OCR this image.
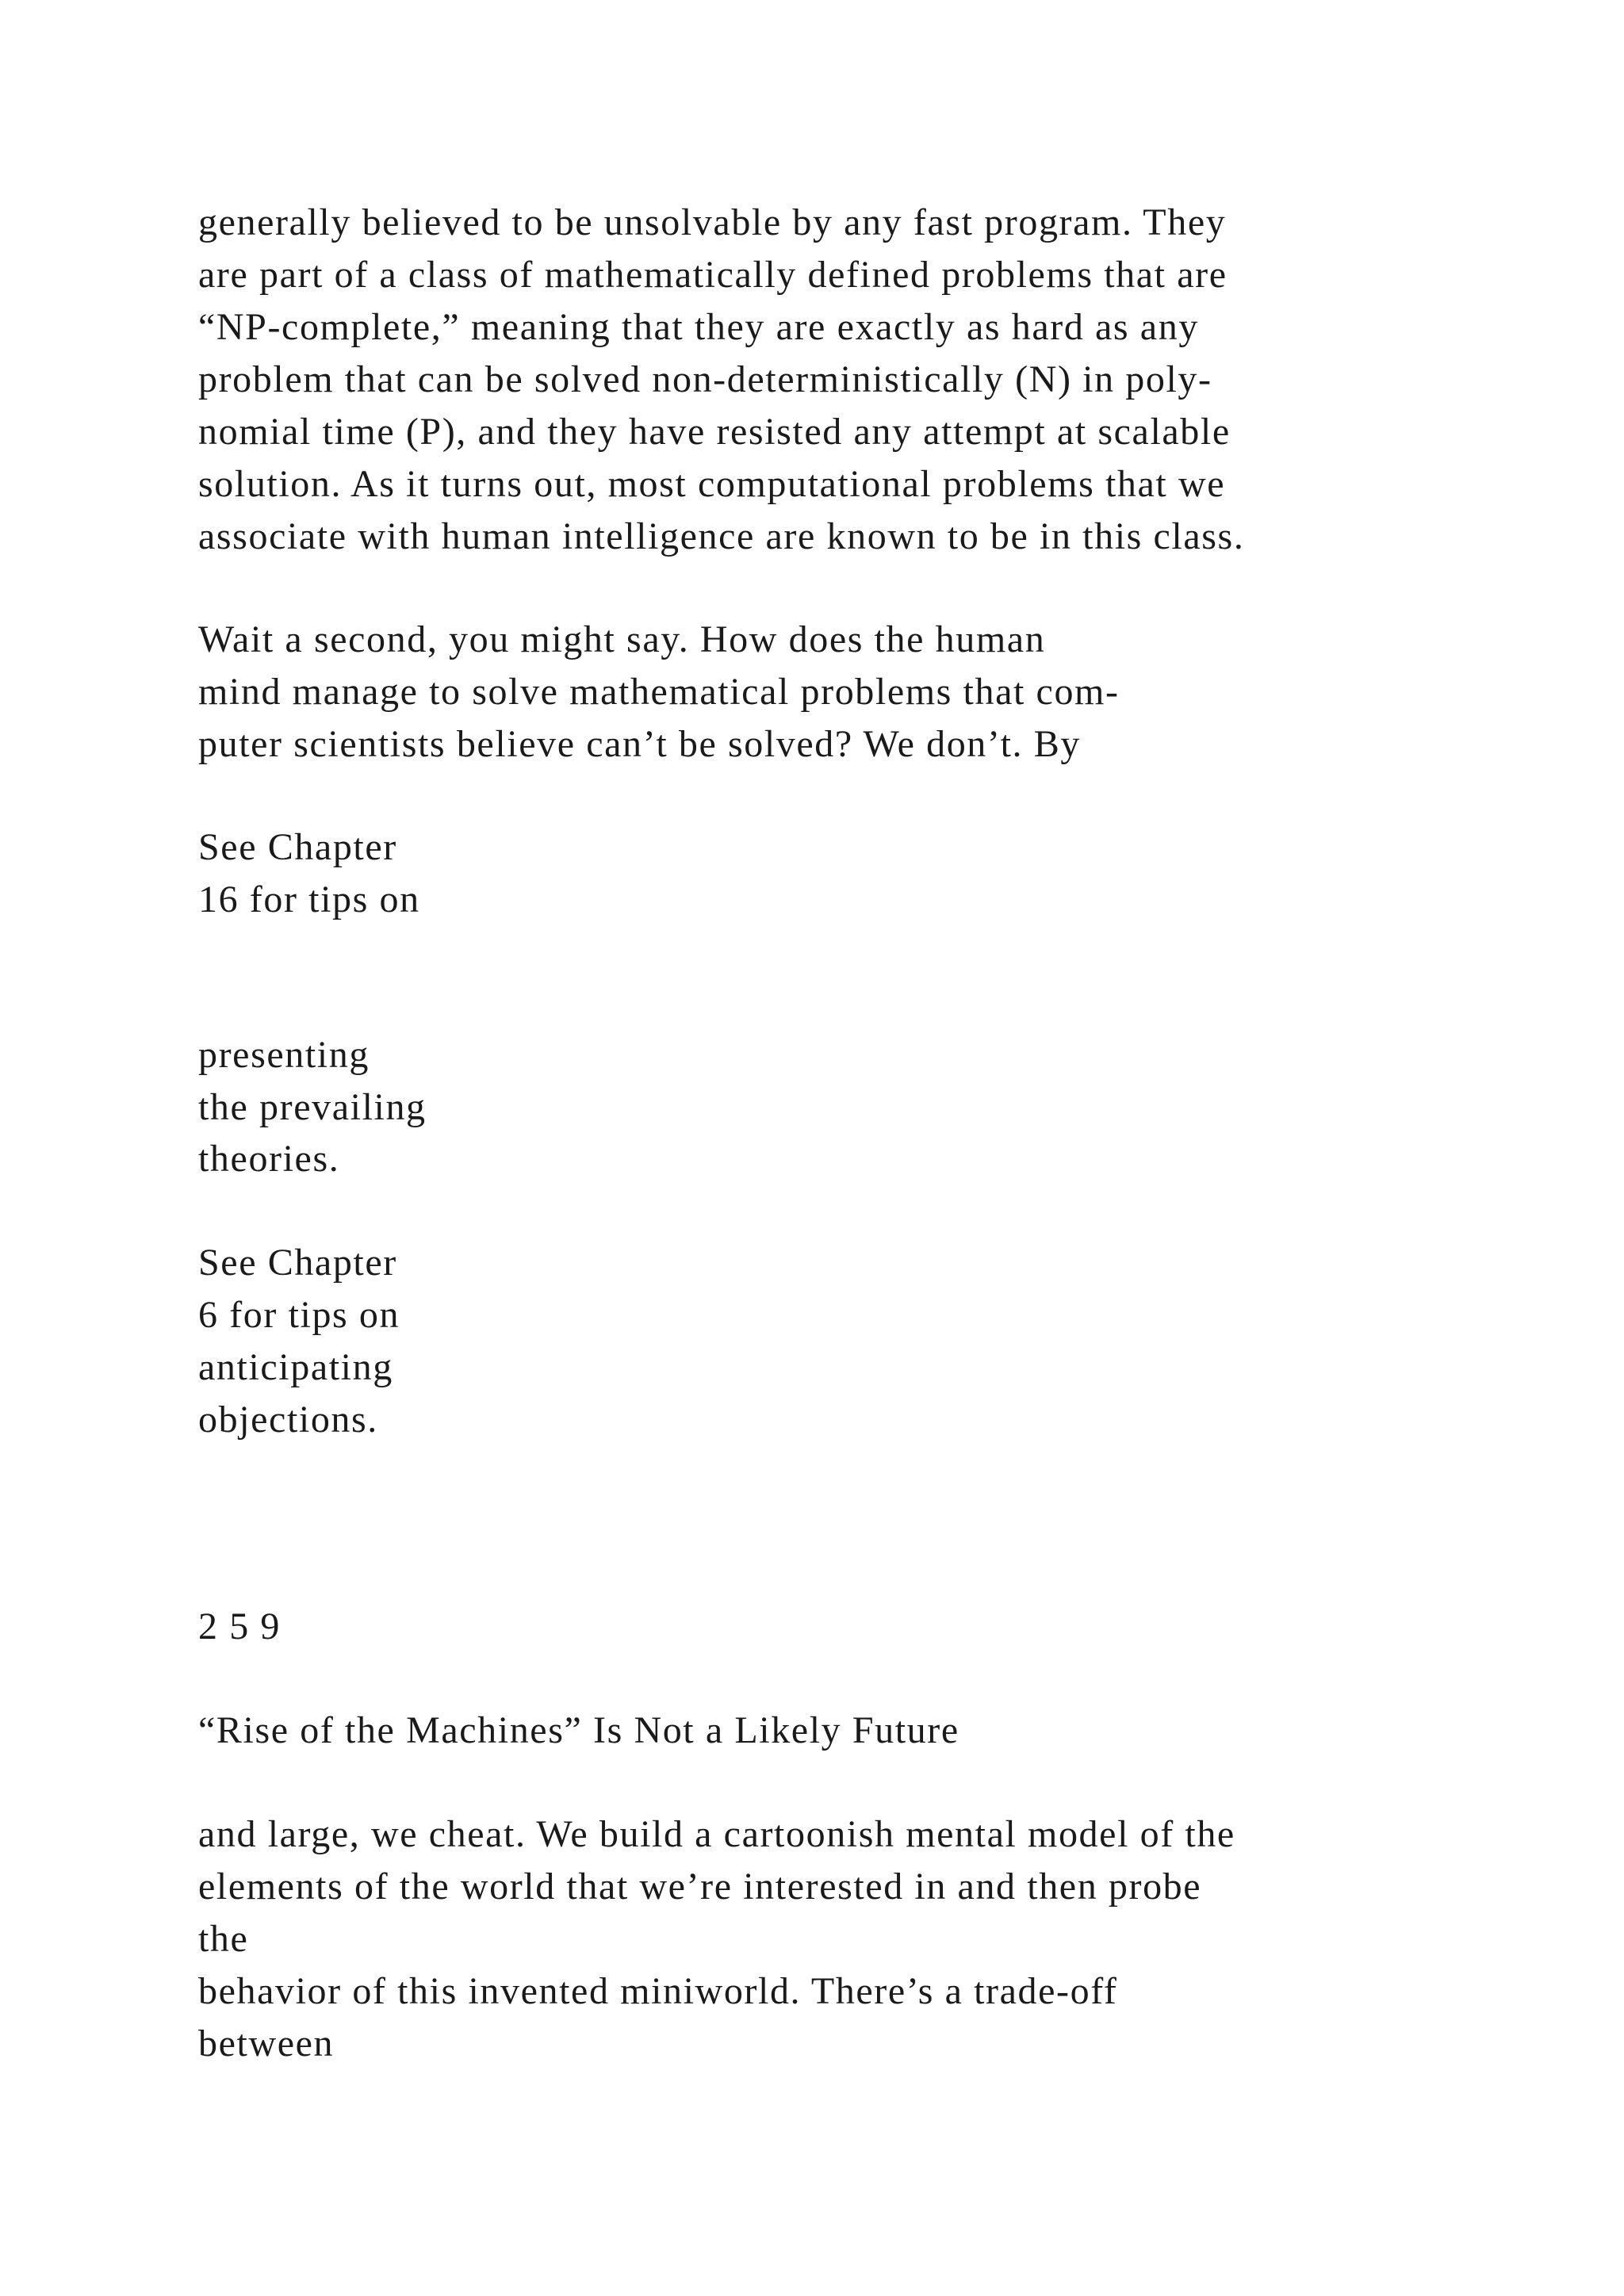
generally believed to be unsolvable by any fast program. They
are part of a class of mathematically defined problems that are
“NP-complete,” meaning that they are exactly as hard as any
problem that can be solved non-deterministically (N) in poly-
nomial time (P), and they have resisted any attempt at scalable
solution. As it turns out, most computational problems that we
associate with human intelligence are known to be in this class.
Wait a second, you might say. How does the human
mind manage to solve mathematical problems that com-
puter scientists believe can’t be solved? We don’t. By
See Chapter
16 for tips on
presenting
the prevailing
theories.
See Chapter
6 for tips on
anticipating
objections.
2 5 9
“Rise of the Machines” Is Not a Likely Future
and large, we cheat. We build a cartoonish mental model of the
elements of the world that we’re interested in and then probe
the
behavior of this invented miniworld. There’s a trade-off
between
